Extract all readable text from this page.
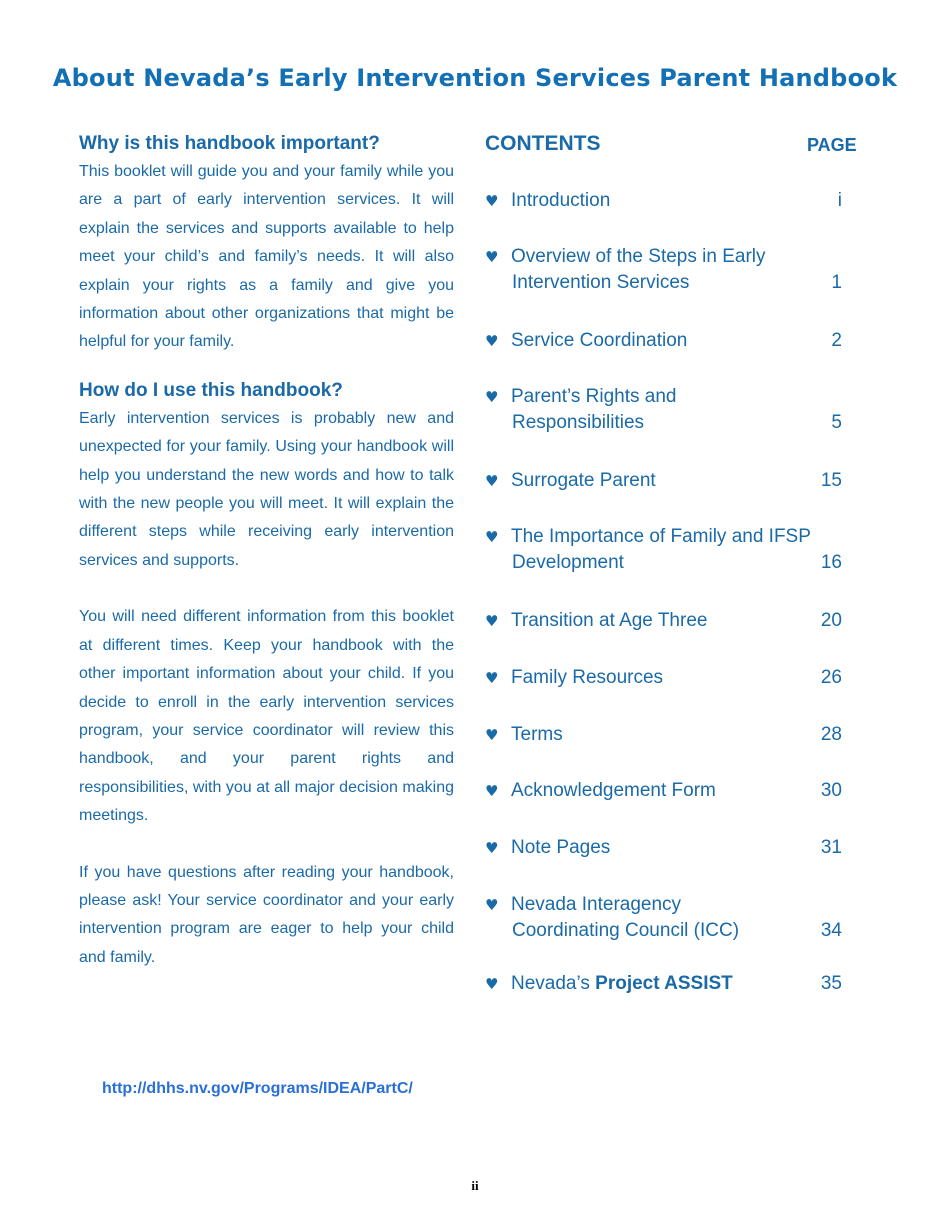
About Nevada’s Early Intervention Services Parent Handbook
Why is this handbook important?

This booklet will guide you and your family while you are a part of early intervention services. It will explain the services and supports available to help meet your child’s and family’s needs. It will also explain your rights as a family and give you information about other organizations that might be helpful for your family.

How do I use this handbook?

Early intervention services is probably new and unexpected for your family. Using your handbook will help you understand the new words and how to talk with the new people you will meet. It will explain the different steps while receiving early intervention services and supports.

You will need different information from this booklet at different times. Keep your handbook with the other important information about your child. If you decide to enroll in the early intervention services program, your service coordinator will review this handbook, and your parent rights and responsibilities, with you at all major decision making meetings.

If you have questions after reading your handbook, please ask! Your service coordinator and your early intervention program are eager to help your child and family.

http://dhhs.nv.gov/Programs/IDEA/PartC/
ii
CONTENTS	PAGE
♥ Introduction	i
♥ Overview of the Steps in Early
Intervention Services	1
♥ Service Coordination	2
♥ Parent’s Rights and
Responsibilities	5
♥ Surrogate Parent	15
♥ The Importance of Family and IFSP
Development	16
♥ Transition at Age Three	20
♥ Family Resources	26
♥ Terms	28
♥ Acknowledgement Form	30
♥ Note Pages	31
♥ Nevada Interagency
Coordinating Council (ICC)	34
♥ Nevada’s Project ASSIST	35
